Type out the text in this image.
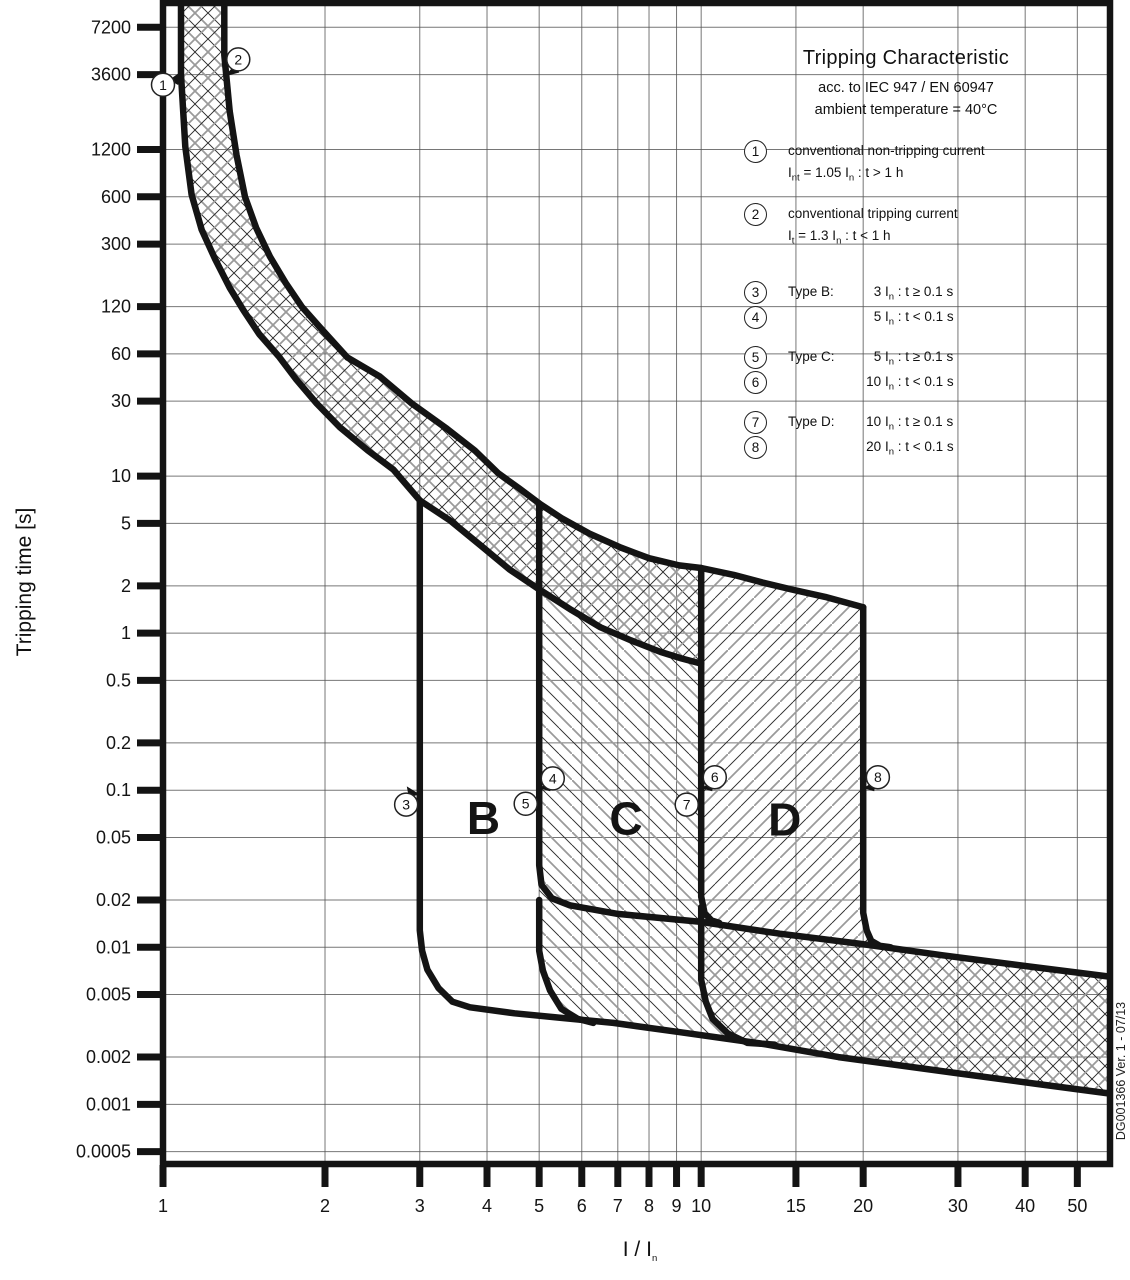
7200
3600
1200
600
300
120
60
30
10
5
2
1
0.5
0.2
0.1
0.05
0.02
0.01
0.005
0.002
0.001
0.0005
1	2	3	4 5 6 7 8 9 10	15	20	30	40 50
B C	D
1
2
3
4
5
6
7
8
Tripping Characteristic
acc. to IEC 947 / EN 60947
ambient temperature = 40°C
1	conventional non-tripping current
$I_{nt} = 1.05$ $I_n$ : t > 1 h
2	conventional tripping current
$I_t = 1.3$ $I_n$ : t < 1 h
3
4
Type B:	3 $I_n$ : t ≥ 0.1 s
5 $I_n$ : t < 0.1 s
5
6
Type C:	5 $I_n$ : t ≥ 0.1 s
10 $I_n$ : t < 0.1 s
7
8
Type D:	10 $I_n$ : t ≥ 0.1 s
20 $I_n$ : t < 0.1 s
Tripping time [s]
I / $I_n$
DG001366 Ver. 1 - 07/13
